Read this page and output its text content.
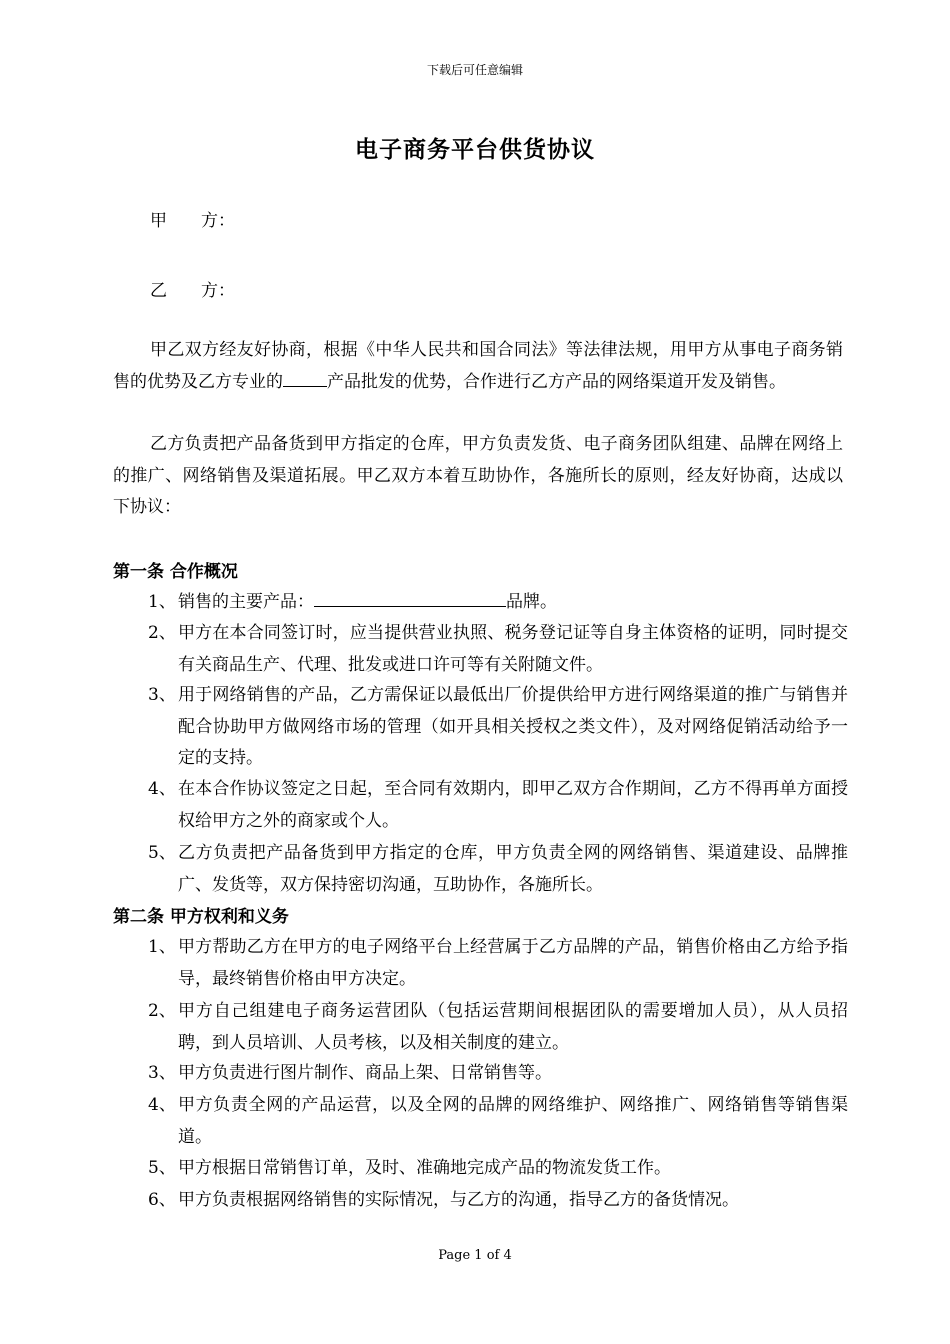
下载后可任意编辑
电子商务平台供货协议
甲　　方：
乙　　方：

甲乙双方经友好协商，根据《中华人民共和国合同法》等法律法规，用甲方从事电子商务销售的优势及乙方专业的	产品批发的优势，合作进行乙方产品的网络渠道开发及销售。

乙方负责把产品备货到甲方指定的仓库，甲方负责发货、电子商务团队组建、品牌在网络上的推广、网络销售及渠道拓展。甲乙双方本着互助协作，各施所长的原则，经友好协商，达成以下协议：

第一条 合作概况
1、 销售的主要产品：	品牌。
2、 甲方在本合同签订时，应当提供营业执照、税务登记证等自身主体资格的证明，同时提交有关商品生产、代理、批发或进口许可等有关附随文件。
3、 用于网络销售的产品，乙方需保证以最低出厂价提供给甲方进行网络渠道的推广与销售并配合协助甲方做网络市场的管理（如开具相关授权之类文件），及对网络促销活动给予一定的支持。
4、 在本合作协议签定之日起，至合同有效期内，即甲乙双方合作期间，乙方不得再单方面授权给甲方之外的商家或个人。
5、 乙方负责把产品备货到甲方指定的仓库，甲方负责全网的网络销售、渠道建设、品牌推广、发货等，双方保持密切沟通，互助协作，各施所长。
第二条 甲方权利和义务
1、 甲方帮助乙方在甲方的电子网络平台上经营属于乙方品牌的产品，销售价格由乙方给予指导，最终销售价格由甲方决定。
2、 甲方自己组建电子商务运营团队（包括运营期间根据团队的需要增加人员），从人员招聘，到人员培训、人员考核，以及相关制度的建立。
3、 甲方负责进行图片制作、商品上架、日常销售等。
4、 甲方负责全网的产品运营，以及全网的品牌的网络维护、网络推广、网络销售等销售渠道。
5、 甲方根据日常销售订单，及时、准确地完成产品的物流发货工作。
6、 甲方负责根据网络销售的实际情况，与乙方的沟通，指导乙方的备货情况。
Page 1 of 4
